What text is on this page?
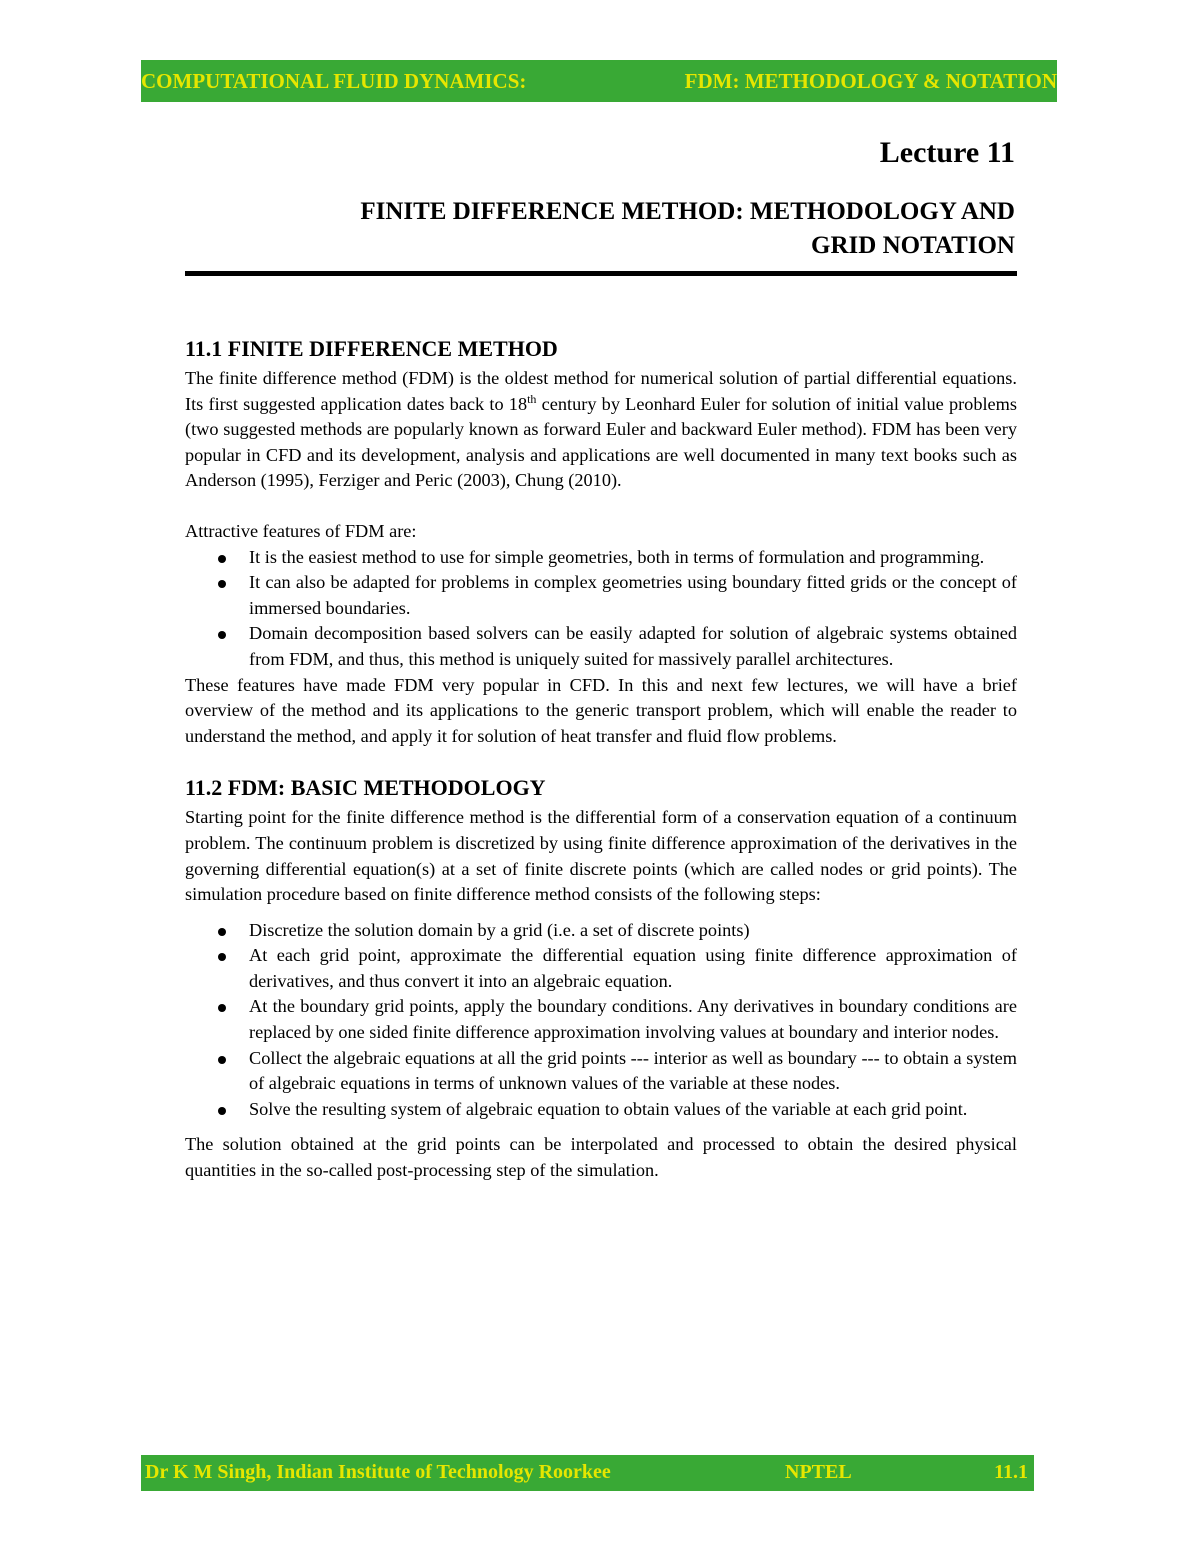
COMPUTATIONAL FLUID DYNAMICS:	FDM: METHODOLOGY & NOTATION
Lecture 11
FINITE DIFFERENCE METHOD: METHODOLOGY AND
GRID NOTATION
11.1 FINITE DIFFERENCE METHOD

The finite difference method (FDM) is the oldest method for numerical solution of partial differential equations. Its first suggested application dates back to 18th century by Leonhard Euler for solution of initial value problems (two suggested methods are popularly known as forward Euler and backward Euler method). FDM has been very popular in CFD and its development, analysis and applications are well documented in many text books such as Anderson (1995), Ferziger and Peric (2003), Chung (2010).

Attractive features of FDM are:

It is the easiest method to use for simple geometries, both in terms of formulation and programming.
It can also be adapted for problems in complex geometries using boundary fitted grids or the concept of immersed boundaries.
Domain decomposition based solvers can be easily adapted for solution of algebraic systems obtained from FDM, and thus, this method is uniquely suited for massively parallel architectures.

These features have made FDM very popular in CFD. In this and next few lectures, we will have a brief overview of the method and its applications to the generic transport problem, which will enable the reader to understand the method, and apply it for solution of heat transfer and fluid flow problems.

11.2 FDM: BASIC METHODOLOGY

Starting point for the finite difference method is the differential form of a conservation equation of a continuum problem. The continuum problem is discretized by using finite difference approximation of the derivatives in the governing differential equation(s) at a set of finite discrete points (which are called nodes or grid points). The simulation procedure based on finite difference method consists of the following steps:

Discretize the solution domain by a grid (i.e. a set of discrete points)
At each grid point, approximate the differential equation using finite difference approximation of derivatives, and thus convert it into an algebraic equation.
At the boundary grid points, apply the boundary conditions. Any derivatives in boundary conditions are replaced by one sided finite difference approximation involving values at boundary and interior nodes.
Collect the algebraic equations at all the grid points --- interior as well as boundary --- to obtain a system of algebraic equations in terms of unknown values of the variable at these nodes.
Solve the resulting system of algebraic equation to obtain values of the variable at each grid point.

The solution obtained at the grid points can be interpolated and processed to obtain the desired physical quantities in the so-called post-processing step of the simulation.

Dr K M Singh, Indian Institute of Technology Roorkee	NPTEL	11.1
